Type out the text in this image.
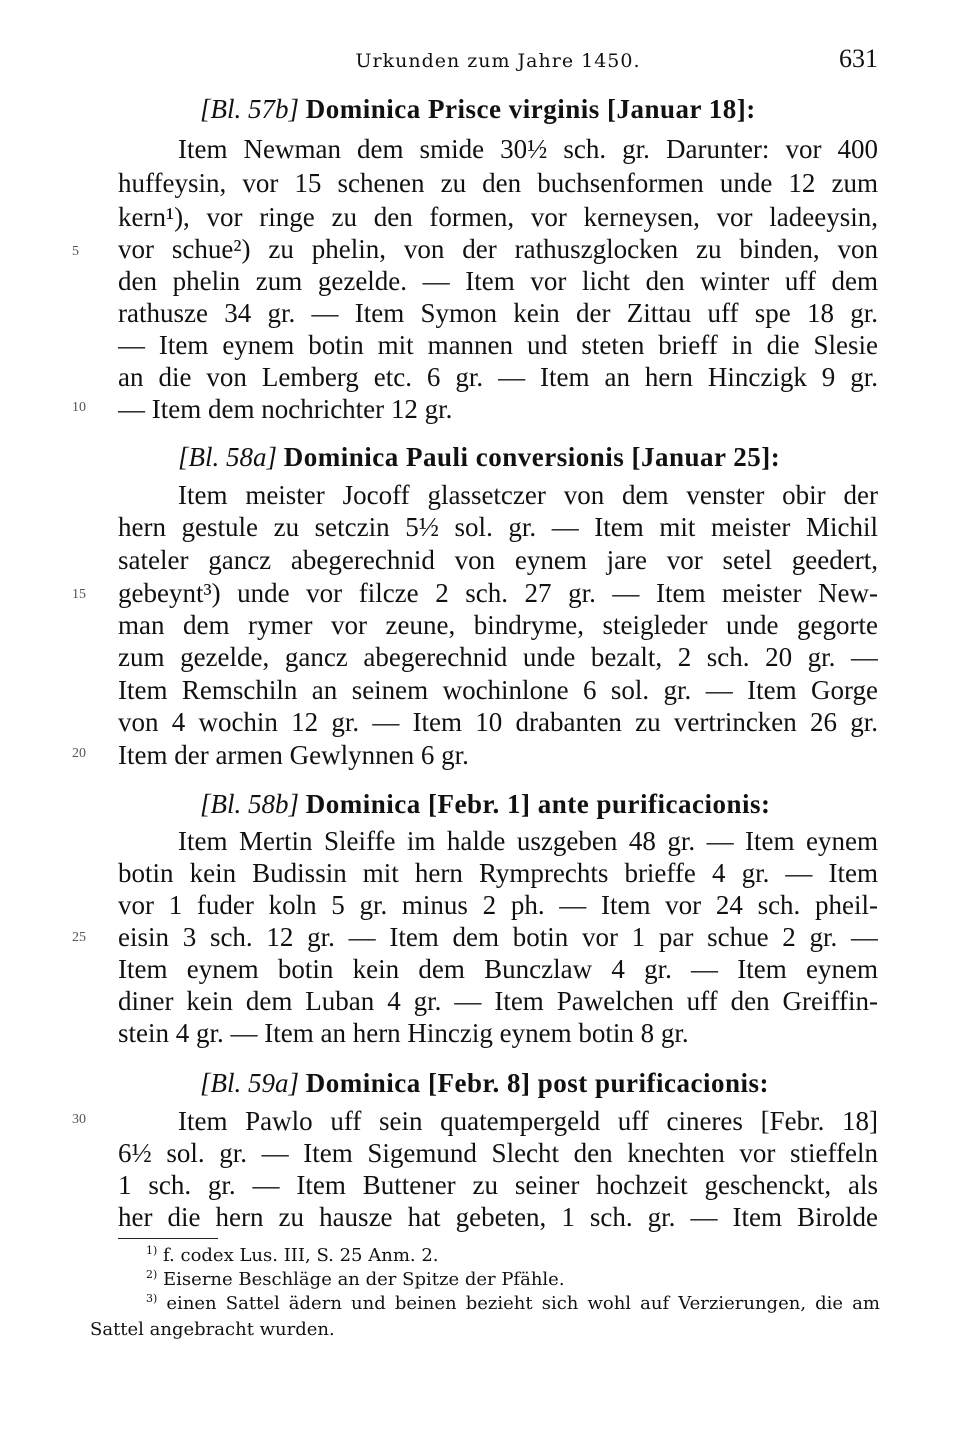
Urkunden zum Jahre 1450.	631
[Bl. 57b] Dominica Prisce virginis [Januar 18]:
Item Newman dem smide 30½ sch. gr. Darunter: vor 400
huffeysin, vor 15 schenen zu den buchsenformen unde 12 zum
kern¹), vor ringe zu den formen, vor kerneysen, vor ladeeysin,
vor schue²) zu phelin, von der rathuszglocken zu binden, von
den phelin zum gezelde. — Item vor licht den winter uff dem
rathusze 34 gr. — Item Symon kein der Zittau uff spe 18 gr.
— Item eynem botin mit mannen und steten brieff in die Slesie
an die von Lemberg etc. 6 gr. — Item an hern Hinczigk 9 gr.
— Item dem nochrichter 12 gr.
[Bl. 58a] Dominica Pauli conversionis [Januar 25]:
Item meister Jocoff glassetczer von dem venster obir der
hern gestule zu setczin 5½ sol. gr. — Item mit meister Michil
sateler gancz abegerechnid von eynem jare vor setel geedert,
gebeynt³) unde vor filcze 2 sch. 27 gr. — Item meister New-
man dem rymer vor zeune, bindryme, steigleder unde gegorte
zum gezelde, gancz abegerechnid unde bezalt, 2 sch. 20 gr. —
Item Remschiln an seinem wochinlone 6 sol. gr. — Item Gorge
von 4 wochin 12 gr. — Item 10 drabanten zu vertrincken 26 gr.
Item der armen Gewlynnen 6 gr.
[Bl. 58b] Dominica [Febr. 1] ante purificacionis:
Item Mertin Sleiffe im halde uszgeben 48 gr. — Item eynem
botin kein Budissin mit hern Rymprechts brieffe 4 gr. — Item
vor 1 fuder koln 5 gr. minus 2 ph. — Item vor 24 sch. pheil-
eisin 3 sch. 12 gr. — Item dem botin vor 1 par schue 2 gr. —
Item eynem botin kein dem Bunczlaw 4 gr. — Item eynem
diner kein dem Luban 4 gr. — Item Pawelchen uff den Greiffin-
stein 4 gr. — Item an hern Hinczig eynem botin 8 gr.
[Bl. 59a] Dominica [Febr. 8] post purificacionis:
Item Pawlo uff sein quatempergeld uff cineres [Febr. 18]
6½ sol. gr. — Item Sigemund Slecht den knechten vor stieffeln
1 sch. gr. — Item Buttener zu seiner hochzeit geschenckt, als
her die hern zu hausze hat gebeten, 1 sch. gr. — Item Birolde
5
10
15
20
25
30
$^{1)}$ f. codex Lus. III, S. 25 Anm. 2.
$^{2)}$ Eiserne Beschläge an der Spitze der Pfähle.
$^{3)}$ einen Sattel ädern und beinen bezieht sich wohl auf Verzierungen, die am
Sattel angebracht wurden.
